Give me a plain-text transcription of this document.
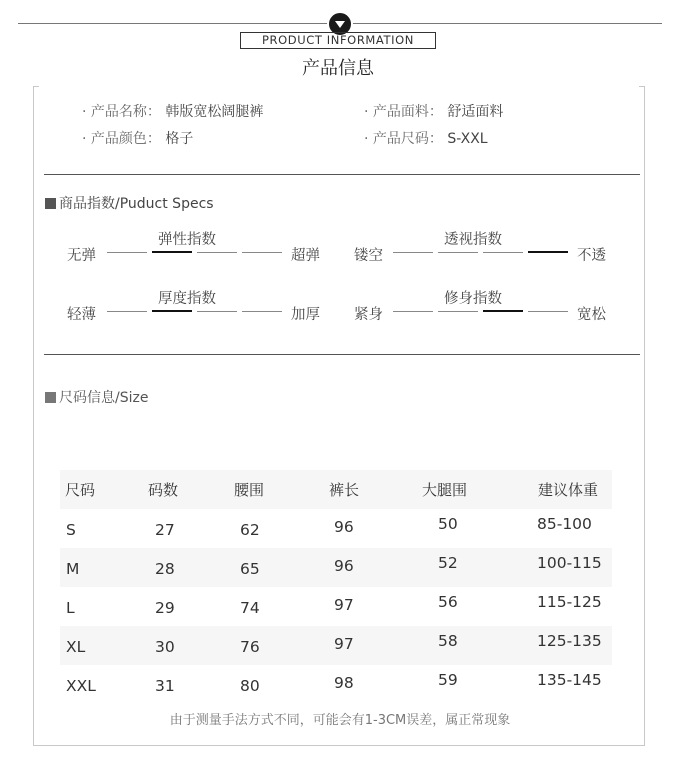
PRODUCT INFORMATION
产品信息
· 产品名称： 韩版宽松阔腿裤	· 产品面料： 舒适面料
· 产品颜色： 格子	· 产品尺码： S-XXL
商品指数/Puduct Specs
弹性指数
无弹	超弹
透视指数
镂空	不透
厚度指数
轻薄	加厚
修身指数
紧身	宽松
尺码信息/Size
尺码	码数	腰围	裤长	大腿围	建议体重
S	27	62	96	50	85-100
M	28	65	96	52	100-115
L	29	74	97	56	115-125
XL	30	76	97	58	125-135
XXL	31	80	98	59	135-145
由于测量手法方式不同，可能会有1-3CM误差，属正常现象
